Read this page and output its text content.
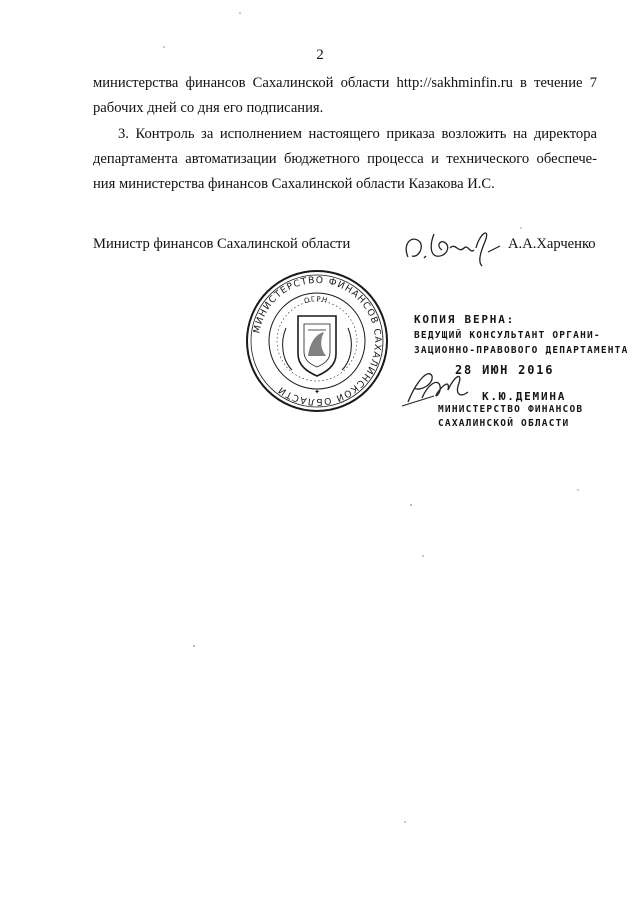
2
министерства финансов Сахалинской области http://sakhminfin.ru в течение 7
рабочих дней со дня его подписания.
3. Контроль за исполнением настоящего приказа возложить на директора
департамента автоматизации бюджетного процесса и технического обеспече-
ния министерства финансов Сахалинской области Казакова И.С.
Министр финансов Сахалинской области	А.А.Харченко
МИНИСТЕРСТВО ФИНАНСОВ САХАЛИНСКОЙ ОБЛАСТИ
ОГРН
✦
КОПИЯ ВЕРНА:
ВЕДУЩИЙ КОНСУЛЬТАНТ ОРГАНИ-
ЗАЦИОННО-ПРАВОВОГО ДЕПАРТАМЕНТА
28 ИЮН 2016
К.Ю.ДЕМИНА
МИНИСТЕРСТВО ФИНАНСОВ
САХАЛИНСКОЙ ОБЛАСТИ
